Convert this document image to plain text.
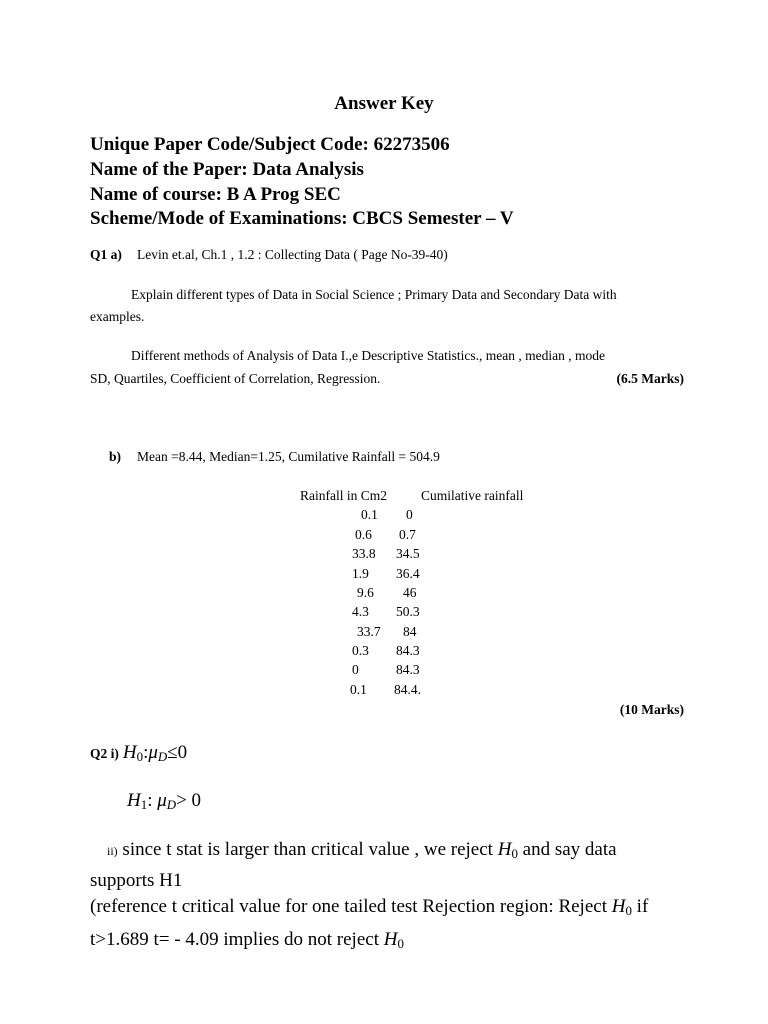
Answer Key
Unique Paper Code/Subject Code: 62273506
Name of the Paper: Data Analysis
Name of course: B A Prog SEC
Scheme/Mode of Examinations: CBCS Semester – V
Q1 a) Levin et.al, Ch.1 , 1.2 : Collecting Data ( Page No-39-40)
Explain different types of Data in Social Science ; Primary Data and Secondary Data with
examples.
Different methods of Analysis of Data I.,e Descriptive Statistics., mean , median , mode
SD, Quartiles, Coefficient of Correlation, Regression.	(6.5 Marks)
b) Mean =8.44, Median=1.25, Cumilative Rainfall = 504.9
Rainfall in Cm2	Cumilative rainfall
0.1 0
0.6 0.7
33.8 34.5
1.9 36.4
9.6 46
4.3 50.3
33.7 84
0.3 84.3
0	84.3
0.1 84.4.
(10 Marks)
Q2 i) $H_0:\mu D\le 0$
$H_1$: μD> 0
ii) since t stat is larger than critical value , we reject $H_0$ and say data
supports H1
(reference t critical value for one tailed test Rejection region: Reject $H_0$ if
t>1.689 t= - 4.09 implies do not reject $H_0$
